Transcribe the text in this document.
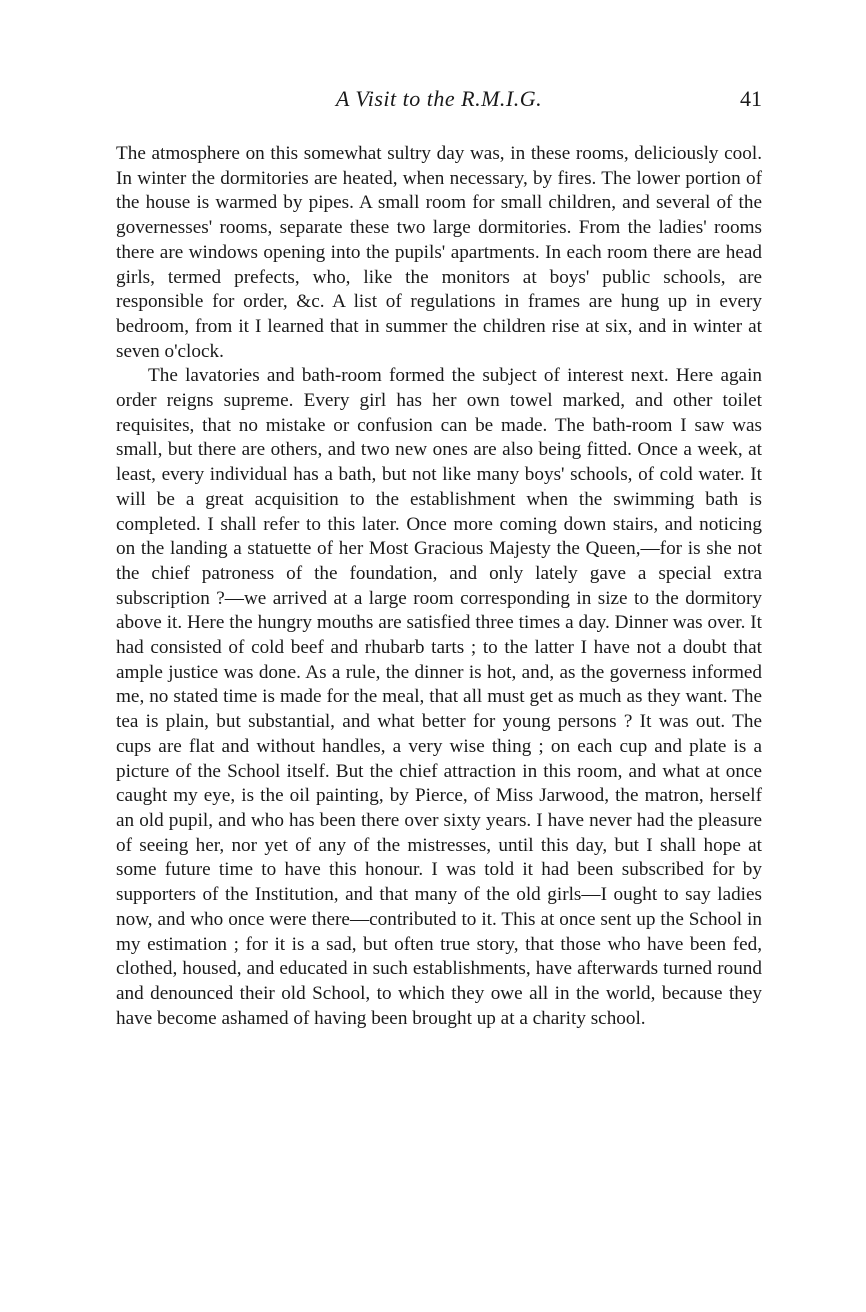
A Visit to the R.M.I.G.	41

The atmosphere on this somewhat sultry day was, in these rooms, deliciously cool. In winter the dormitories are heated, when necessary, by fires. The lower portion of the house is warmed by pipes. A small room for small children, and several of the governesses' rooms, separate these two large dormitories. From the ladies' rooms there are windows opening into the pupils' apartments. In each room there are head girls, termed prefects, who, like the monitors at boys' public schools, are responsible for order, &c. A list of regulations in frames are hung up in every bedroom, from it I learned that in summer the children rise at six, and in winter at seven o'clock.

The lavatories and bath-room formed the subject of interest next. Here again order reigns supreme. Every girl has her own towel marked, and other toilet requisites, that no mistake or confusion can be made. The bath-room I saw was small, but there are others, and two new ones are also being fitted. Once a week, at least, every individual has a bath, but not like many boys' schools, of cold water. It will be a great acquisition to the establishment when the swimming bath is completed. I shall refer to this later. Once more coming down stairs, and noticing on the landing a statuette of her Most Gracious Majesty the Queen,—for is she not the chief patroness of the foundation, and only lately gave a special extra subscription ?—we arrived at a large room corresponding in size to the dormitory above it. Here the hungry mouths are satisfied three times a day. Dinner was over. It had consisted of cold beef and rhubarb tarts ; to the latter I have not a doubt that ample justice was done. As a rule, the dinner is hot, and, as the governess informed me, no stated time is made for the meal, that all must get as much as they want. The tea is plain, but substantial, and what better for young persons ? It was out. The cups are flat and without handles, a very wise thing ; on each cup and plate is a picture of the School itself. But the chief attraction in this room, and what at once caught my eye, is the oil painting, by Pierce, of Miss Jarwood, the matron, herself an old pupil, and who has been there over sixty years. I have never had the pleasure of seeing her, nor yet of any of the mistresses, until this day, but I shall hope at some future time to have this honour. I was told it had been subscribed for by supporters of the Institution, and that many of the old girls—I ought to say ladies now, and who once were there—contributed to it. This at once sent up the School in my estimation ; for it is a sad, but often true story, that those who have been fed, clothed, housed, and educated in such establishments, have afterwards turned round and denounced their old School, to which they owe all in the world, because they have become ashamed of having been brought up at a charity school.
